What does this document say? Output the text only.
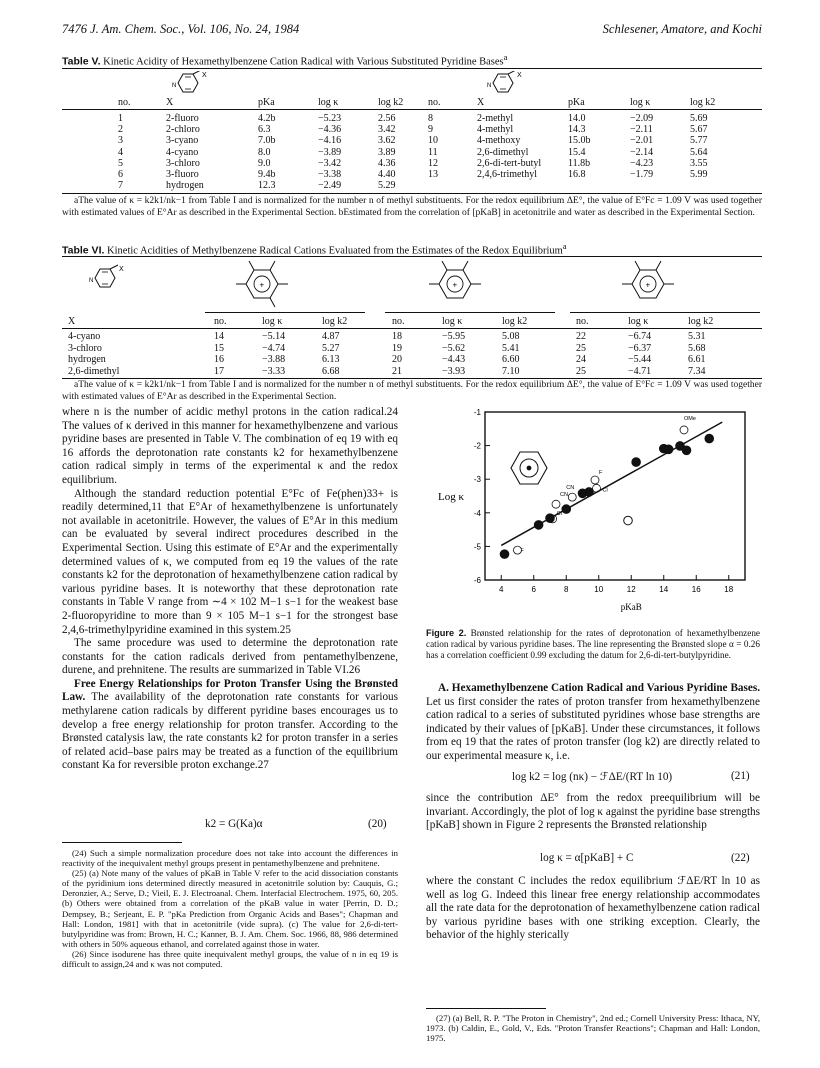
7476 J. Am. Chem. Soc., Vol. 106, No. 24, 1984	Schlesener, Amatore, and Kochi
Table V. Kinetic Acidity of Hexamethylbenzene Cation Radical with Various Substituted Pyridine Bases$^a$
N
X
N
X
no.	X	pKa	log κ	log k2 no.	X	pKa	log κ	log k2
1	2-fluoro	4.2b	−5.23	2.56
2	2-chloro	6.3	−4.36	3.42
3	3-cyano	7.0b	−4.16	3.62
4	4-cyano	8.0	−3.89	3.89
5	3-chloro	9.0	−3.42	4.36
6	3-fluoro	9.4b	−3.38	4.40
7	hydrogen	12.3	−2.49	5.29
8	2-methyl	14.0	−2.09	5.69
9	4-methyl	14.3	−2.11	5.67
10	4-methoxy	15.0b	−2.01	5.77
11	2,6-dimethyl	15.4	−2.14	5.64
12	2,6-di-tert-butyl	11.8b	−4.23	3.55
13	2,4,6-trimethyl	16.8	−1.79	5.99
aThe value of κ = k2k1/nk−1 from Table I and is normalized for the number n of methyl substituents. For the redox equilibrium ΔE°, the value of E°Fc = 1.09 V was used together with estimated values of E°Ar as described in the Experimental Section. bEstimated from the correlation of [pKaB] in acetonitrile and water as described in the Experimental Section.
Table VI. Kinetic Acidities of Methylbenzene Radical Cations Evaluated from the Estimates of the Redox Equilibrium$^a$
N
X
+	+	+
X	no.	log κ	log k2	no.	log κ	log k2	no.	log κ	log k2
4-cyano	14	−5.14	4.87	18	−5.95	5.08	22	−6.74	5.31
3-chloro	15	−4.74	5.27	19	−5.62	5.41	25	−6.37	5.68
hydrogen	16	−3.88	6.13	20	−4.43	6.60	24	−5.44	6.61
2,6-dimethyl	17	−3.33	6.68	21	−3.93	7.10	25	−4.71	7.34
aThe value of κ = k2k1/nk−1 from Table I and is normalized for the number n of methyl substituents. For the redox equilibrium ΔE°, the value of E°Fc = 1.09 V was used together with estimated values of E°Ar as described in the Experimental Section.

where n is the number of acidic methyl protons in the cation radical.24 The values of κ derived in this manner for hexamethylbenzene and various pyridine bases are presented in Table V. The combination of eq 19 with eq 16 affords the deprotonation rate constants k2 for hexamethylbenzene cation radical simply in terms of the experimental κ and the redox equilibrium.

Although the standard reduction potential E°Fc of Fe(phen)33+ is readily determined,11 that E°Ar of hexamethylbenzene is unfortunately not available in acetonitrile. However, the values of E°Ar in this medium can be evaluated by several indirect procedures described in the Experimental Section. Using this estimate of E°Ar and the experimentally determined values of κ, we computed from eq 19 the values of the rate constants k2 for the deprotonation of hexamethylbenzene cation radical by various pyridine bases. It is noteworthy that these deprotonation rate constants in Table V range from ∼4 × 102 M−1 s−1 for the weakest base 2-fluoropyridine to more than 9 × 105 M−1 s−1 for the strongest base 2,4,6-trimethylpyridine examined in this system.25

The same procedure was used to determine the deprotonation rate constants for the cation radicals derived from pentamethylbenzene, durene, and prehnitene. The results are summarized in Table VI.26

Free Energy Relationships for Proton Transfer Using the Brønsted Law. The availability of the deprotonation rate constants for various methylarene cation radicals by different pyridine bases encourages us to develop a free energy relationship for proton transfer. According to the Brønsted catalysis law, the rate constants k2 for proton transfer in a series of related acid–base pairs may be treated as a function of the equilibrium constant Ka for reversible proton exchange.27

k2 = G(Ka)α	(20)

(24) Such a simple normalization procedure does not take into account the differences in reactivity of the inequivalent methyl groups present in pentamethylbenzene and prehnitene.

(25) (a) Note many of the values of pKaB in Table V refer to the acid dissociation constants of the pyridinium ions determined directly measured in acetonitrile solution by: Cauquis, G.; Deronzier, A.; Serve, D.; Vieil, E. J. Electroanal. Chem. Interfacial Electrochem. 1975, 60, 205. (b) Others were obtained from a correlation of the pKaB value in water [Perrin, D. D.; Dempsey, B.; Serjeant, E. P. "pKa Prediction from Organic Acids and Bases"; Chapman and Hall: London, 1981] with that in acetonitrile (vide supra). (c) The value for 2,6-di-tert-butylpyridine was from: Brown, H. C.; Kanner, B. J. Am. Chem. Soc. 1966, 88, 986 determined with others in 50% aqueous ethanol, and correlated against those in water.

(26) Since isodurene has three quite inequivalent methyl groups, the value of n in eq 19 is difficult to assign,24 and κ was not computed.

4	6	8	10	12	14	16	18
-1
-2
-3
-4
-5
-6
Log κ
pKaB
CN
Cl
F
Cl
F
CN
OMe
Figure 2. Brønsted relationship for the rates of deprotonation of hexamethylbenzene cation radical by various pyridine bases. The line representing the Brønsted slope α = 0.26 has a correlation coefficient 0.99 excluding the datum for 2,6-di-tert-butylpyridine.

A. Hexamethylbenzene Cation Radical and Various Pyridine Bases. Let us first consider the rates of proton transfer from hexamethylbenzene cation radical to a series of substituted pyridines whose base strengths are indicated by their values of [pKaB]. Under these circumstances, it follows from eq 19 that the rates of proton transfer (log k2) are directly related to our experimental measure κ, i.e.

log k2 = log (nκ) − ℱΔE/(RT ln 10)	(21)

since the contribution ΔE° from the redox preequilibrium will be invariant. Accordingly, the plot of log κ against the pyridine base strengths [pKaB] shown in Figure 2 represents the Brønsted relationship

log κ = α[pKaB] + C	(22)

where the constant C includes the redox equilibrium ℱΔE/RT ln 10 as well as log G. Indeed this linear free energy relationship accommodates all the rate data for the deprotonation of hexamethylbenzene cation radical by various pyridine bases with one striking exception. Clearly, the behavior of the highly sterically

(27) (a) Bell, R. P. "The Proton in Chemistry", 2nd ed.; Cornell University Press: Ithaca, NY, 1973. (b) Caldin, E., Gold, V., Eds. "Proton Transfer Reactions"; Chapman and Hall: London, 1975.
